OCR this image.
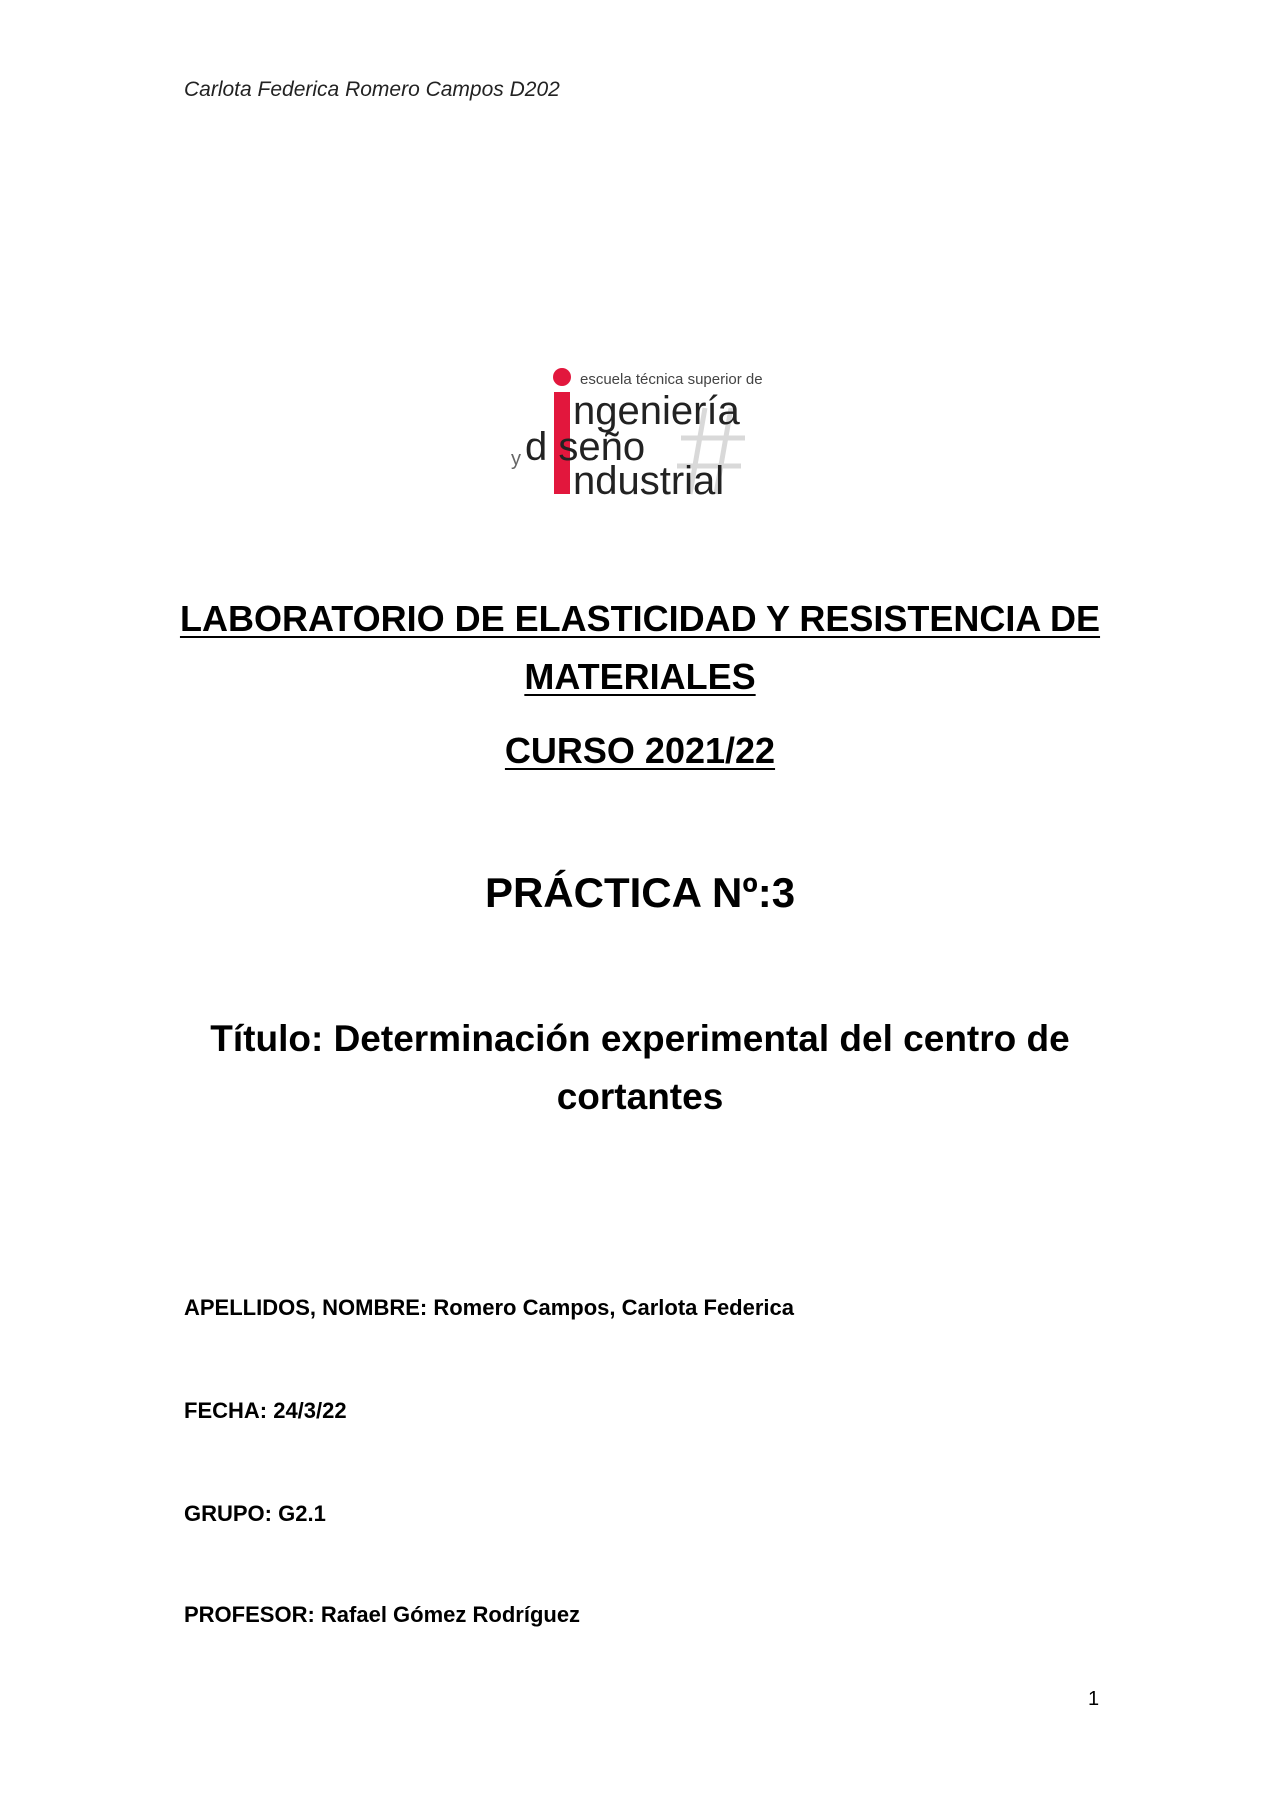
Carlota Federica Romero Campos D202
escuela técnica superior de
ngeniería
y d seño
ndustrial
LABORATORIO DE ELASTICIDAD Y RESISTENCIA DE MATERIALES
CURSO 2021/22
PRÁCTICA Nº:3
Título: Determinación experimental del centro de cortantes
APELLIDOS, NOMBRE: Romero Campos, Carlota Federica
FECHA: 24/3/22
GRUPO: G2.1
PROFESOR: Rafael Gómez Rodríguez
1
